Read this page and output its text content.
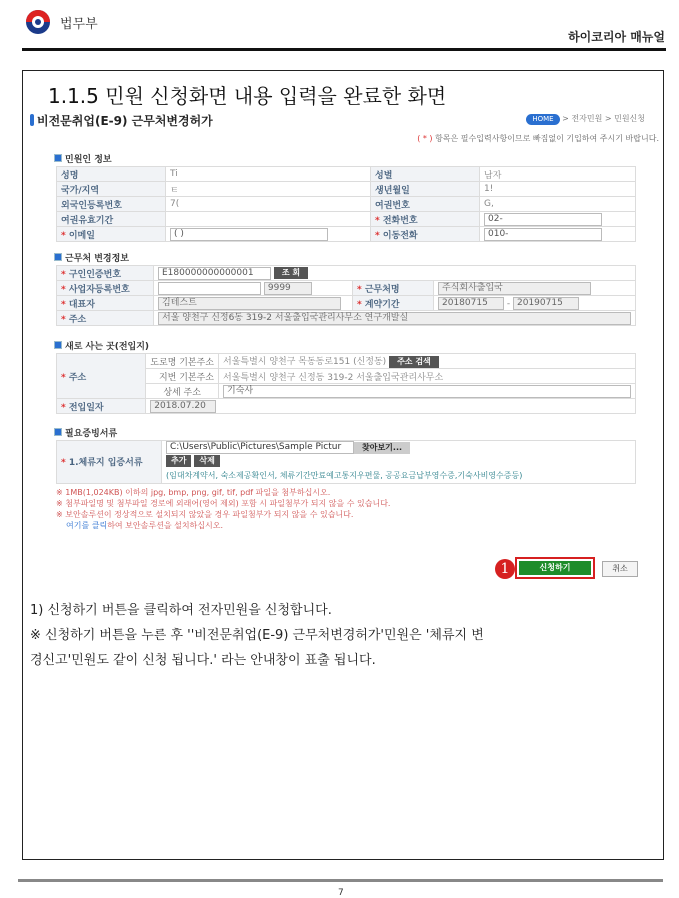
법무부
하이코리아 매뉴얼
1.1.5 민원 신청화면 내용 입력을 완료한 화면
비전문취업(E-9) 근무처변경허가	HOME > 전자민원 > 민원신청
( * ) 항목은 필수입력사항이므로 빠짐없이 기입하여 주시기 바랍니다.
민원인 정보
성명	Ti	성별	남자
국가/지역	ㅌ	생년월일	1!
외국인등록번호	7(	여권번호	G,
여권유효기간		* 전화번호	02-
* 이메일	( )	* 이동전화	010-
근무처 변경정보
* 구인인증번호	E180000000000001 조 회		
* 사업자등록번호	9999	* 근무처명	주식회사출입국
* 대표자	김테스트	* 계약기간	20180715 - 20190715
* 주소	서울 양천구 신정6동 319-2 서울출입국관리사무소 연구개발실		
새로 사는 곳(전입지)
* 주소	도로명 기본주소	서울특별시 양천구 목동동로151 (신정동) 주소 검색
	지번 기본주소	서울특별시 양천구 신정동 319-2 서울출입국관리사무소
	상세 주소	기숙사
* 전입일자	2018.07.20	
필요증빙서류
* 1.체류지 입증서류	C:\Users\Public\Pictures\Sample Pictur	찾아보기...
추가 삭제
(임대차계약서, 숙소제공확인서, 체류기간만료예고통지우편물, 공공요금납부영수증,기숙사비영수증등)
※ 1MB(1,024KB) 이하의 jpg, bmp, png, gif, tif, pdf 파일을 첨부하십시오.
※ 첨부파일명 및 첨부파일 경로에 외래어(영어 제외) 포함 시 파일첨부가 되지 않을 수 있습니다.
※ 보안솔루션이 정상적으로 설치되지 않았을 경우 파일첨부가 되지 않을 수 있습니다.
여기를 클릭하여 보안솔루션을 설치하십시오.
1	신청하기	취소
1) 신청하기 버튼을 클릭하여 전자민원을 신청합니다.
※ 신청하기 버튼을 누른 후 ''비전문취업(E-9) 근무처변경허가'민원은 '체류지 변
경신고'민원도 같이 신청 됩니다.' 라는 안내창이 표출 됩니다.
7
